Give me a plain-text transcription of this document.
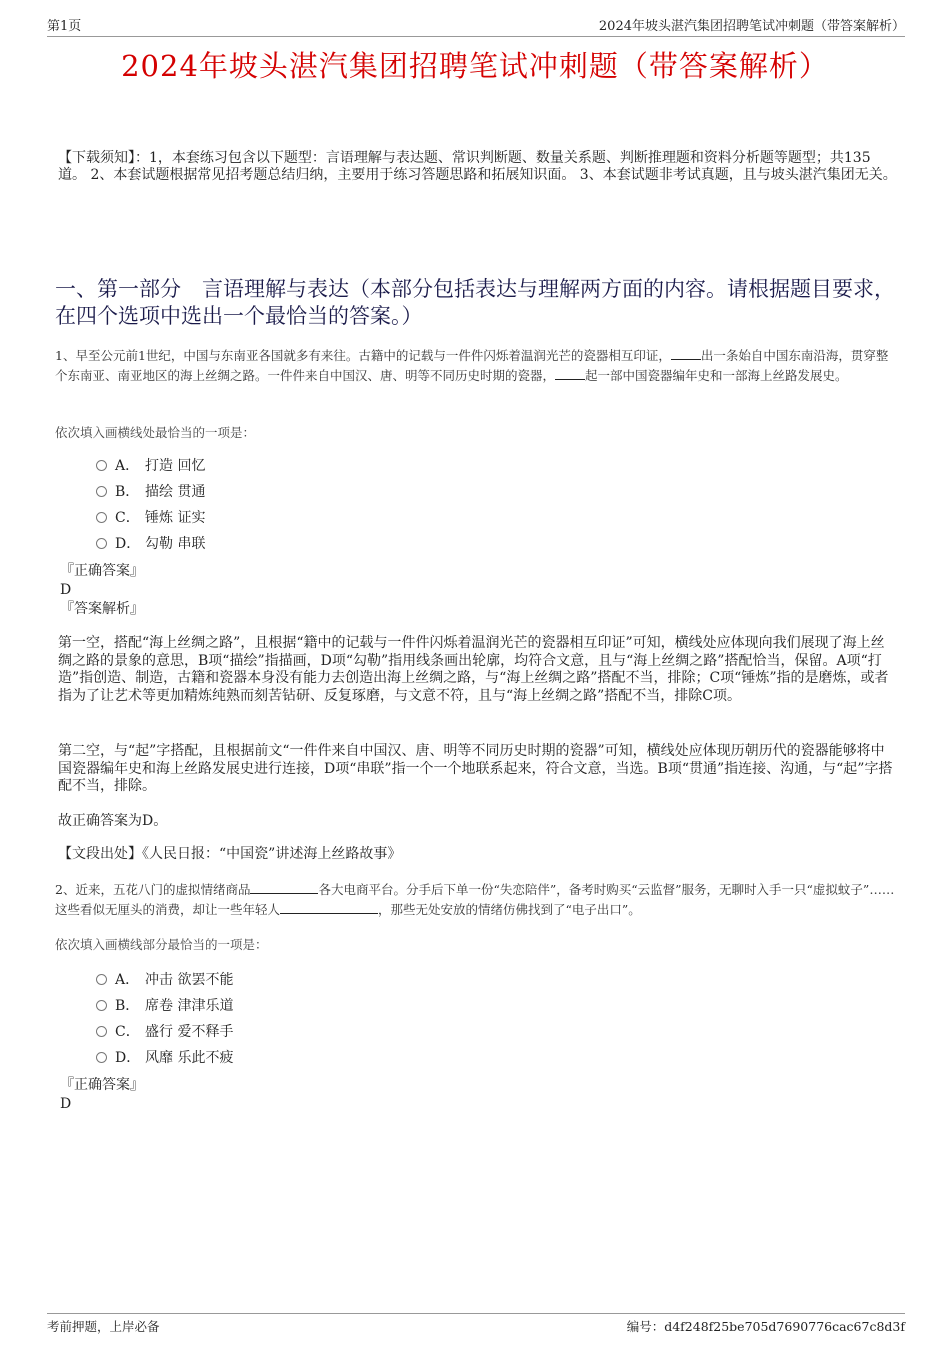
第1页	2024年坡头湛汽集团招聘笔试冲刺题（带答案解析）
2024年坡头湛汽集团招聘笔试冲刺题（带答案解析）
【下载须知】：1，本套练习包含以下题型：言语理解与表达题、常识判断题、数量关系题、判断推理题和资料分析题等题型；共135道。 2、本套试题根据常见招考题总结归纳，主要用于练习答题思路和拓展知识面。 3、本套试题非考试真题，且与坡头湛汽集团无关。
一、第一部分　言语理解与表达（本部分包括表达与理解两方面的内容。请根据题目要求，在四个选项中选出一个最恰当的答案。）
1、早至公元前1世纪，中国与东南亚各国就多有来往。古籍中的记载与一件件闪烁着温润光芒的瓷器相互印证， 出一条始自中国东南沿海，贯穿整个东南亚、南亚地区的海上丝绸之路。一件件来自中国汉、唐、明等不同历史时期的瓷器， 起一部中国瓷器编年史和一部海上丝路发展史。
依次填入画横线处最恰当的一项是：
A． 打造 回忆
B． 描绘 贯通
C． 锤炼 证实
D． 勾勒 串联
『正确答案』
D
『答案解析』
第一空，搭配“海上丝绸之路”，且根据“籍中的记载与一件件闪烁着温润光芒的瓷器相互印证”可知，横线处应体现向我们展现了海上丝绸之路的景象的意思，B项“描绘”指描画，D项“勾勒”指用线条画出轮廓，均符合文意，且与“海上丝绸之路”搭配恰当，保留。A项“打造”指创造、制造，古籍和瓷器本身没有能力去创造出海上丝绸之路，与“海上丝绸之路”搭配不当，排除；C项“锤炼”指的是磨炼，或者指为了让艺术等更加精炼纯熟而刻苦钻研、反复琢磨，与文意不符，且与“海上丝绸之路”搭配不当，排除C项。
第二空，与“起”字搭配，且根据前文“一件件来自中国汉、唐、明等不同历史时期的瓷器”可知，横线处应体现历朝历代的瓷器能够将中国瓷器编年史和海上丝路发展史进行连接，D项“串联”指一个一个地联系起来，符合文意，当选。B项“贯通”指连接、沟通，与“起”字搭配不当，排除。
故正确答案为D。
【文段出处】《人民日报：“中国瓷”讲述海上丝路故事》
2、近来，五花八门的虚拟情绪商品	各大电商平台。分手后下单一份“失恋陪伴”，备考时购买“云监督”服务，无聊时入手一只“虚拟蚊子”……这些看似无厘头的消费，却让一些年轻人	，那些无处安放的情绪仿佛找到了“电子出口”。
依次填入画横线部分最恰当的一项是：
A． 冲击 欲罢不能
B． 席卷 津津乐道
C． 盛行 爱不释手
D． 风靡 乐此不疲
『正确答案』
D
考前押题，上岸必备	编号：d4f248f25be705d7690776cac67c8d3f
